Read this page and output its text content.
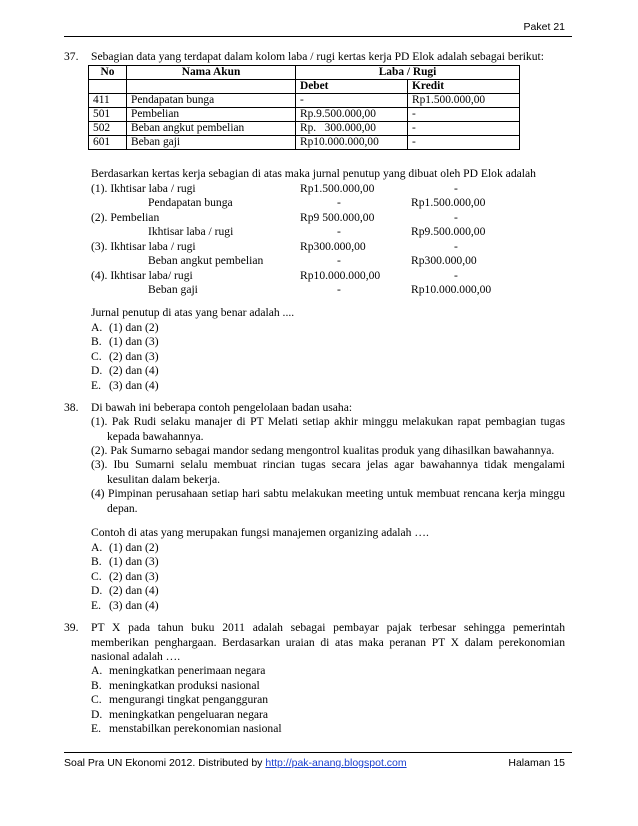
Paket 21
37. Sebagian data yang terdapat dalam kolom laba / rugi kertas kerja PD Elok adalah sebagai berikut:
No	Nama Akun	Laba / Rugi	
		Debet	Kredit
411	Pendapatan bunga	-	Rp1.500.000,00
501	Pembelian	Rp.9.500.000,00	-
502	Beban angkut pembelian	Rp.   300.000,00	-
601	Beban gaji	Rp10.000.000,00	-
Berdasarkan kertas kerja sebagian di atas maka jurnal penutup yang dibuat oleh PD Elok adalah
(1). Ikhtisar laba / rugi	Rp1.500.000,00	-
Pendapatan bunga	-	Rp1.500.000,00
(2). Pembelian	Rp9 500.000,00	-
Ikhtisar laba / rugi	-	Rp9.500.000,00
(3). Ikhtisar laba / rugi	Rp300.000,00	-
Beban angkut pembelian	-	Rp300.000,00
(4). Ikhtisar laba/ rugi	Rp10.000.000,00	-
Beban gaji	-	Rp10.000.000,00
Jurnal penutup di atas yang benar adalah ....
A. (1) dan (2)
B. (1) dan (3)
C. (2) dan (3)
D. (2) dan (4)
E. (3) dan (4)
38. Di bawah ini beberapa contoh pengelolaan badan usaha:
(1). Pak Rudi selaku manajer di PT Melati setiap akhir minggu melakukan rapat pembagian tugas kepada bawahannya.
(2). Pak Sumarno sebagai mandor sedang mengontrol kualitas produk yang dihasilkan bawahannya.
(3). Ibu Sumarni selalu membuat rincian tugas secara jelas agar bawahannya tidak mengalami kesulitan dalam bekerja.
(4) Pimpinan perusahaan setiap hari sabtu melakukan meeting untuk membuat rencana kerja minggu depan.
Contoh di atas yang merupakan fungsi manajemen organizing adalah ….
A. (1) dan (2)
B. (1) dan (3)
C. (2) dan (3)
D. (2) dan (4)
E. (3) dan (4)
39. PT X pada tahun buku 2011 adalah sebagai pembayar pajak terbesar sehingga pemerintah memberikan penghargaan. Berdasarkan uraian di atas maka peranan PT X dalam perekonomian nasional adalah ….
A. meningkatkan penerimaan negara
B. meningkatkan produksi nasional
C. mengurangi tingkat pengangguran
D. meningkatkan pengeluaran negara
E. menstabilkan perekonomian nasional
Soal Pra UN Ekonomi 2012. Distributed by http://pak-anang.blogspot.com	Halaman 15
